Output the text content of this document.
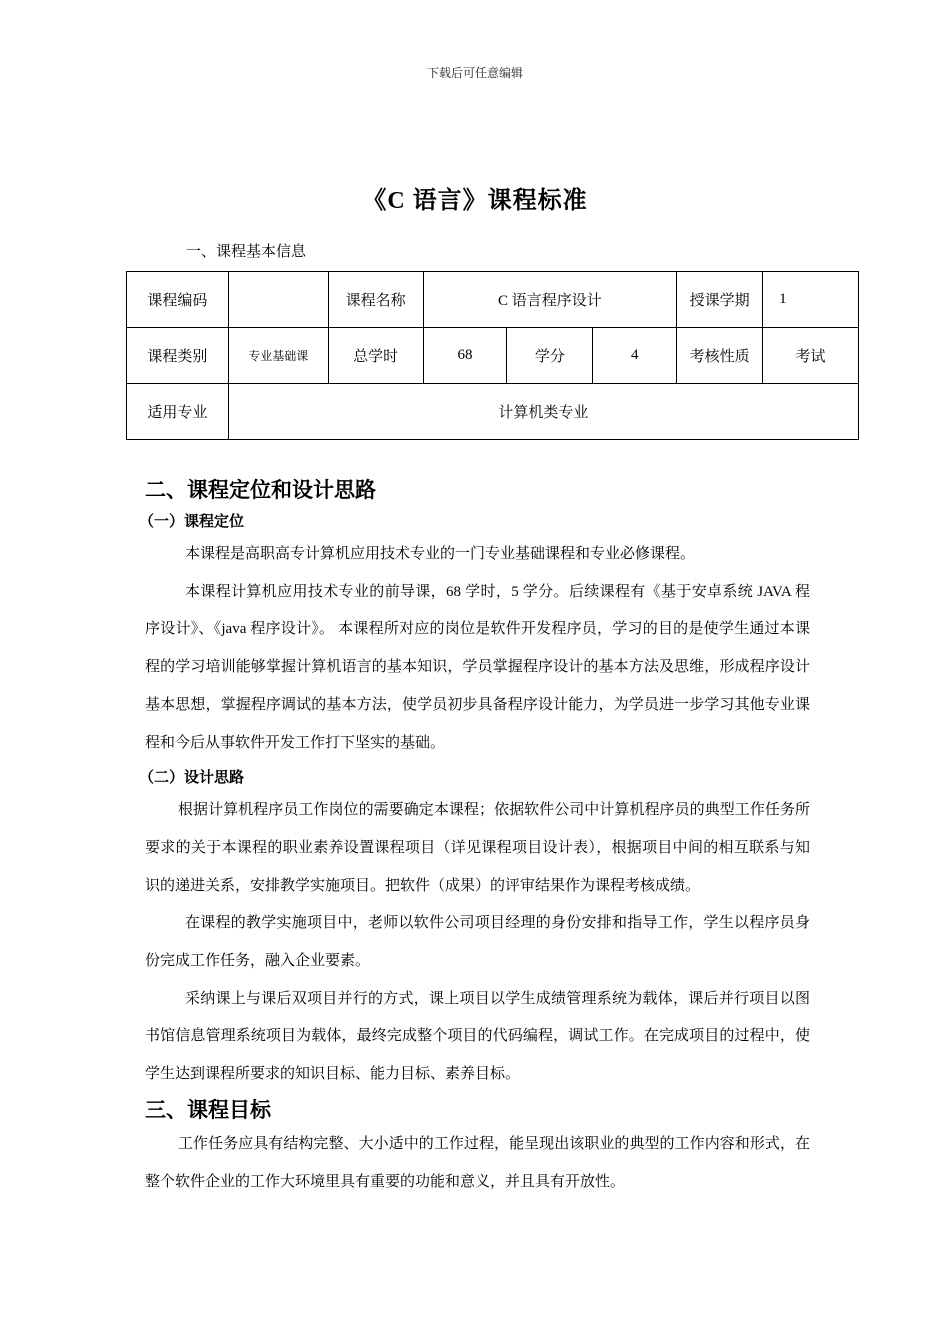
下载后可任意编辑
《C 语言》课程标准
一、课程基本信息
课程编码		课程名称	C 语言程序设计			授课学期	1
课程类别	专业基础课	总学时	68	学分	4	考核性质	考试
适用专业	计算机类专业						
二、课程定位和设计思路
（一）课程定位

本课程是高职高专计算机应用技术专业的一门专业基础课程和专业必修课程。

本课程计算机应用技术专业的前导课，68 学时，5 学分。后续课程有《基于安卓系统 JAVA 程序设计》、《java 程序设计》。 本课程所对应的岗位是软件开发程序员，学习的目的是使学生通过本课程的学习培训能够掌握计算机语言的基本知识，学员掌握程序设计的基本方法及思维，形成程序设计基本思想，掌握程序调试的基本方法，使学员初步具备程序设计能力，为学员进一步学习其他专业课程和今后从事软件开发工作打下坚实的基础。

（二）设计思路

根据计算机程序员工作岗位的需要确定本课程；依据软件公司中计算机程序员的典型工作任务所要求的关于本课程的职业素养设置课程项目（详见课程项目设计表），根据项目中间的相互联系与知识的递进关系，安排教学实施项目。把软件（成果）的评审结果作为课程考核成绩。

在课程的教学实施项目中，老师以软件公司项目经理的身份安排和指导工作，学生以程序员身份完成工作任务，融入企业要素。

采纳课上与课后双项目并行的方式，课上项目以学生成绩管理系统为载体，课后并行项目以图书馆信息管理系统项目为载体，最终完成整个项目的代码编程，调试工作。在完成项目的过程中，使学生达到课程所要求的知识目标、能力目标、素养目标。

三、课程目标

工作任务应具有结构完整、大小适中的工作过程，能呈现出该职业的典型的工作内容和形式，在整个软件企业的工作大环境里具有重要的功能和意义，并且具有开放性。
